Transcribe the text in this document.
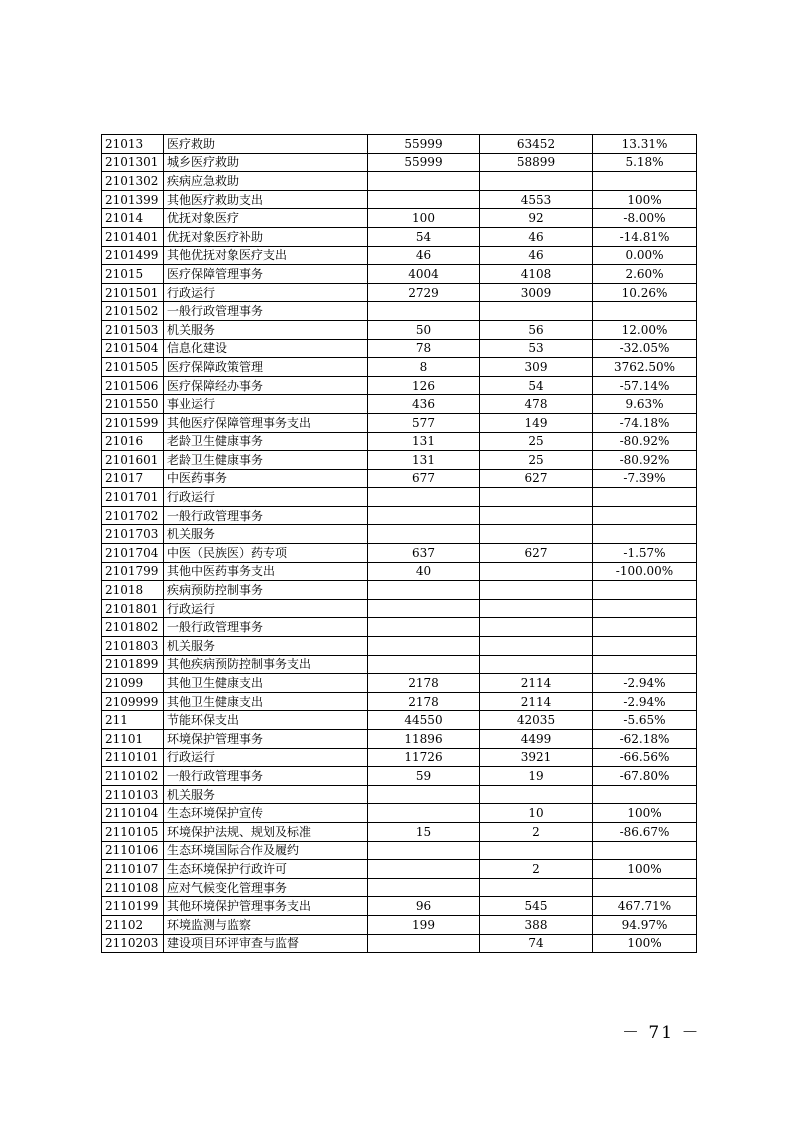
21013	医疗救助	55999	63452	13.31%
2101301	城乡医疗救助	55999	58899	5.18%
2101302	疾病应急救助			
2101399	其他医疗救助支出		4553	100%
21014	优抚对象医疗	100	92	-8.00%
2101401	优抚对象医疗补助	54	46	-14.81%
2101499	其他优抚对象医疗支出	46	46	0.00%
21015	医疗保障管理事务	4004	4108	2.60%
2101501	行政运行	2729	3009	10.26%
2101502	一般行政管理事务			
2101503	机关服务	50	56	12.00%
2101504	信息化建设	78	53	-32.05%
2101505	医疗保障政策管理	8	309	3762.50%
2101506	医疗保障经办事务	126	54	-57.14%
2101550	事业运行	436	478	9.63%
2101599	其他医疗保障管理事务支出	577	149	-74.18%
21016	老龄卫生健康事务	131	25	-80.92%
2101601	老龄卫生健康事务	131	25	-80.92%
21017	中医药事务	677	627	-7.39%
2101701	行政运行			
2101702	一般行政管理事务			
2101703	机关服务			
2101704	中医（民族医）药专项	637	627	-1.57%
2101799	其他中医药事务支出	40		-100.00%
21018	疾病预防控制事务			
2101801	行政运行			
2101802	一般行政管理事务			
2101803	机关服务			
2101899	其他疾病预防控制事务支出			
21099	其他卫生健康支出	2178	2114	-2.94%
2109999	其他卫生健康支出	2178	2114	-2.94%
211	节能环保支出	44550	42035	-5.65%
21101	环境保护管理事务	11896	4499	-62.18%
2110101	行政运行	11726	3921	-66.56%
2110102	一般行政管理事务	59	19	-67.80%
2110103	机关服务			
2110104	生态环境保护宣传		10	100%
2110105	环境保护法规、规划及标准	15	2	-86.67%
2110106	生态环境国际合作及履约			
2110107	生态环境保护行政许可		2	100%
2110108	应对气候变化管理事务			
2110199	其他环境保护管理事务支出	96	545	467.71%
21102	环境监测与监察	199	388	94.97%
2110203	建设项目环评审查与监督		74	100%
－ 71 －
